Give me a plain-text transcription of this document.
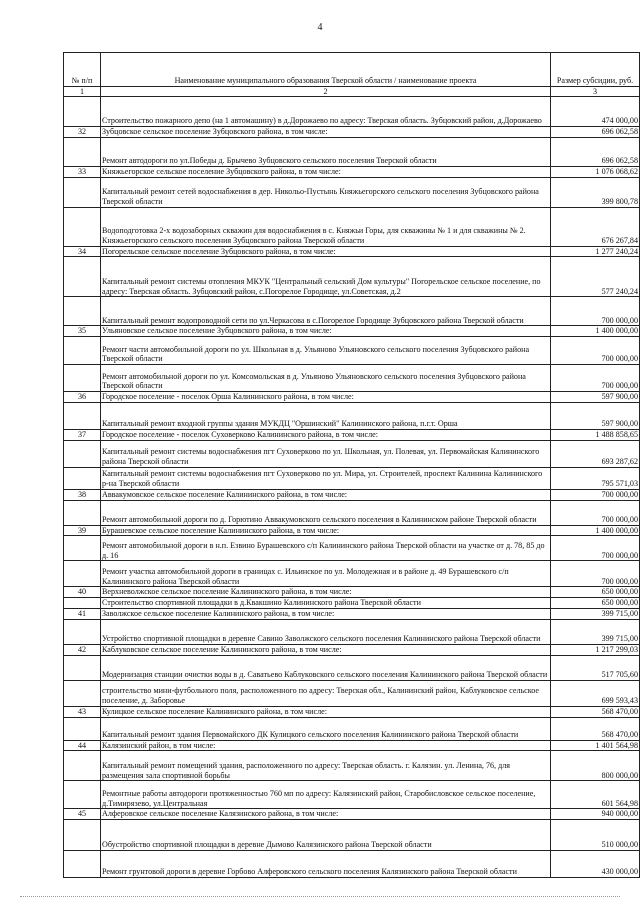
4
№ п/п	Наименование муниципального образования Тверской области / наименование проекта	Размер субсидии, руб.
1	2	3
	Строительство пожарного депо (на 1 автомашину) в д.Дорожаево по адресу: Тверская область. Зубцовский район, д.Дорожаево	474 000,00
32	Зубцовское сельское поселение Зубцовского района, в том числе:	696 062,58
	Ремонт автодороги по ул.Победы д. Брычево Зубцовского сельского поселения Тверской области	696 062,58
33	Княжьегорское сельское поселение Зубцовского района, в том числе:	1 076 068,62
	Капитальный ремонт сетей водоснабжения в дер. Никольо-Пустынь Княжьегорского сельского поселения Зубцовского района Тверской области	399 800,78
	Водоподготовка 2-х водозаборных скважин для водоснабжения в с. Княжьи Горы, для скважины № 1 и для скважины № 2. Княжьегорского сельского поселения Зубцовского района Тверской области	676 267,84
34	Погорельское сельское поселение Зубцовского района, в том числе:	1 277 240,24
	Капитальный ремонт системы отопления МКУК "Центральный сельский Дом культуры" Погорельское сельское поселение, по адресу: Тверская область. Зубцовский район, с.Погорелое Городище, ул.Советская, д.2	577 240,24
	Капитальный ремонт водопроводной сети по ул.Черкасова в с.Погорелое Городище Зубцовского района Тверской области	700 000,00
35	Ульяновское сельское поселение Зубцовского района, в том числе:	1 400 000,00
	Ремонт части автомобильной дороги по ул. Школьная в д. Ульяново Ульяновского сельского поселения Зубцовского района Тверской области	700 000,00
	Ремонт автомобильной дороги по ул. Комсомольская в д. Ульяново Ульяновского сельского поселения Зубцовского района Тверской области	700 000,00
36	Городское поселение - поселок Орша Калининского района, в том числе:	597 900,00
	Капитальный ремонт входной группы здания МУКДЦ "Оршинский" Калининского района, п.г.т. Орша	597 900,00
37	Городское поселение - поселок Суховерково Калининского района, в том числе:	1 488 858,65
	Капитальный ремонт системы водоснабжения пгт Суховерково по ул. Школьная, ул. Полевая, ул. Первомайская Калининского района Тверской области	693 287,62
	Капитальный ремонт системы водоснабжения пгт Суховерково по ул. Мира, ул. Строителей, проспект Калинина Калининского р-на Тверской области	795 571,03
38	Аввакумовское сельское поселение Калининского района, в том числе:	700 000,00
	Ремонт автомобильной дороги по д. Горютино Аввакумовского сельского поселения в Калининском районе Тверской области	700 000,00
39	Бурашевское сельское поселение Калининского района, в том числе:	1 400 000,00
	Ремонт автомобильной дороги в н.п. Езвино Бурашевского с/п Калининского района Тверской области на участке от д. 78, 85 до д. 16	700 000,00
	Ремонт участка автомобильной дороги в границах с. Ильинское по ул. Молодежная и в районе д. 49 Бурашевского с/п Калининского района Тверской области	700 000,00
40	Верхневолжское сельское поселение Калининского района, в том числе:	650 000,00
	Строительство спортивной площадки в д.Квакшино Калининского района Тверской области	650 000,00
41	Заволжское сельское поселение Калининского района, в том числе:	399 715,00
	Устройство спортивной площадки в деревне Савино Заволжского сельского поселения Калининского района Тверской области	399 715,00
42	Каблуковское сельское поселение Калининского района, в том числе:	1 217 299,03
	Модернизация станции очистки воды в д. Саватьево Каблуковского сельского поселения Калининского района Тверской области	517 705,60
	строительство мини-футбольного поля, расположенного по адресу: Тверская обл., Калининский район, Каблуковское сельское поселение, д. Заборовье	699 593,43
43	Кулицкое сельское поселение Калининского района, в том числе:	568 470,00
	Капитальный ремонт здания Первомайского ДК Кулицкого сельского поселения Калининского района Тверской области	568 470,00
44	Калязинский район, в том числе:	1 401 564,98
	Капитальный ремонт помещений здания, расположенного по адресу: Тверская область. г. Калязин. ул. Ленина, 76, для размещения зала спортивной борьбы	800 000,00
	Ремонтные работы автодороги протяженностью 760 мп по адресу: Калязинский район, Старобисловское сельское поселение, д.Тимирязево, ул.Центральная	601 564,98
45	Алферовское сельское поселение Калязинского района, в том числе:	940 000,00
	Обустройство спортивной площадки в деревне Дымово Калязинского района Тверской области	510 000,00
	Ремонт грунтовой дороги в деревне Горбово Алферовского сельского поселения Калязинского района Тверской области	430 000,00
